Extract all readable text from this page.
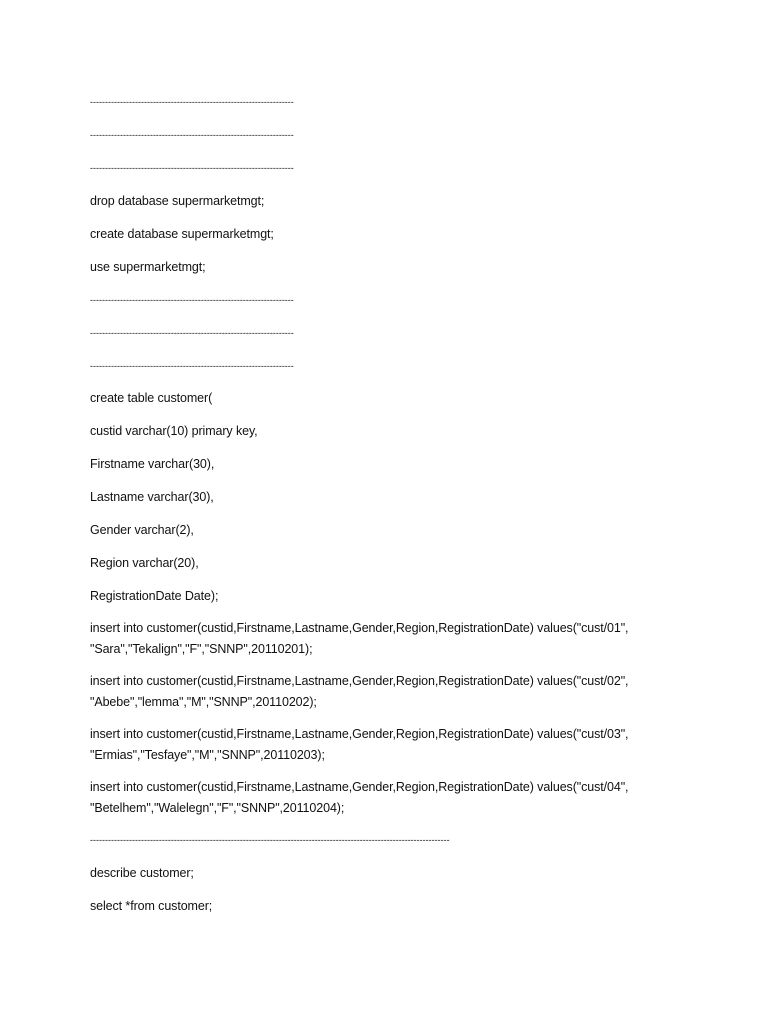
--------------------------------------------------------------------
--------------------------------------------------------------------
--------------------------------------------------------------------
drop database supermarketmgt;
create database supermarketmgt;
use supermarketmgt;
--------------------------------------------------------------------
--------------------------------------------------------------------
--------------------------------------------------------------------
create table customer(
custid varchar(10) primary key,
Firstname varchar(30),
Lastname varchar(30),
Gender varchar(2),
Region varchar(20),
RegistrationDate Date);
insert into customer(custid,Firstname,Lastname,Gender,Region,RegistrationDate) values("cust/01",
"Sara","Tekalign","F","SNNP",20110201);
insert into customer(custid,Firstname,Lastname,Gender,Region,RegistrationDate) values("cust/02",
"Abebe","lemma","M","SNNP",20110202);
insert into customer(custid,Firstname,Lastname,Gender,Region,RegistrationDate) values("cust/03",
"Ermias","Tesfaye","M","SNNP",20110203);
insert into customer(custid,Firstname,Lastname,Gender,Region,RegistrationDate) values("cust/04",
"Betelhem","Walelegn","F","SNNP",20110204);
------------------------------------------------------------------------------------------------------------------------
describe customer;
select *from customer;
